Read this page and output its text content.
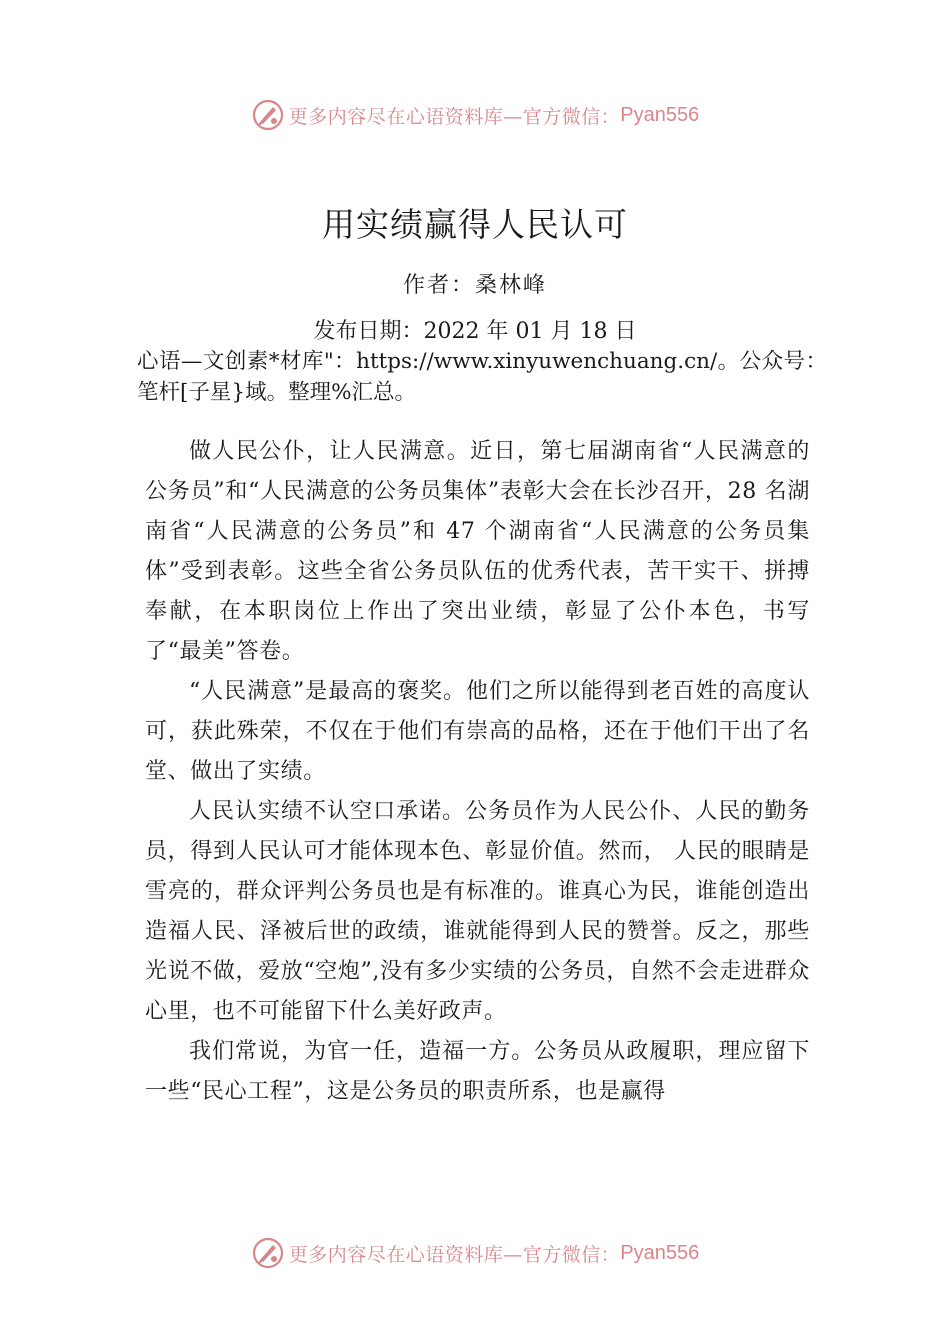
更多内容尽在心语资料库—官方微信： Pyan556
用实绩赢得人民认可
作者：桑林峰
发布日期：2022 年 01 月 18 日
心语—文创素*材库"：https://www.xinyuwenchuang.cn/。公众号：笔杆[子星}域。整理%汇总。

做人民公仆，让人民满意。近日，第七届湖南省“人民满意的公务员”和“人民满意的公务员集体”表彰大会在长沙召开，28 名湖南省“人民满意的公务员”和 47 个湖南省“人民满意的公务员集体”受到表彰。这些全省公务员队伍的优秀代表，苦干实干、拼搏奉献，在本职岗位上作出了突出业绩，彰显了公仆本色，书写了“最美”答卷。

“人民满意”是最高的褒奖。他们之所以能得到老百姓的高度认可，获此殊荣，不仅在于他们有崇高的品格，还在于他们干出了名堂、做出了实绩。

人民认实绩不认空口承诺。公务员作为人民公仆、人民的勤务员，得到人民认可才能体现本色、彰显价值。然而， 人民的眼睛是雪亮的，群众评判公务员也是有标准的。谁真心为民，谁能创造出造福人民、泽被后世的政绩，谁就能得到人民的赞誉。反之，那些光说不做，爱放“空炮”,没有多少实绩的公务员，自然不会走进群众心里，也不可能留下什么美好政声。

我们常说，为官一任，造福一方。公务员从政履职，理应留下一些“民心工程”，这是公务员的职责所系，也是赢得

更多内容尽在心语资料库—官方微信： Pyan556
